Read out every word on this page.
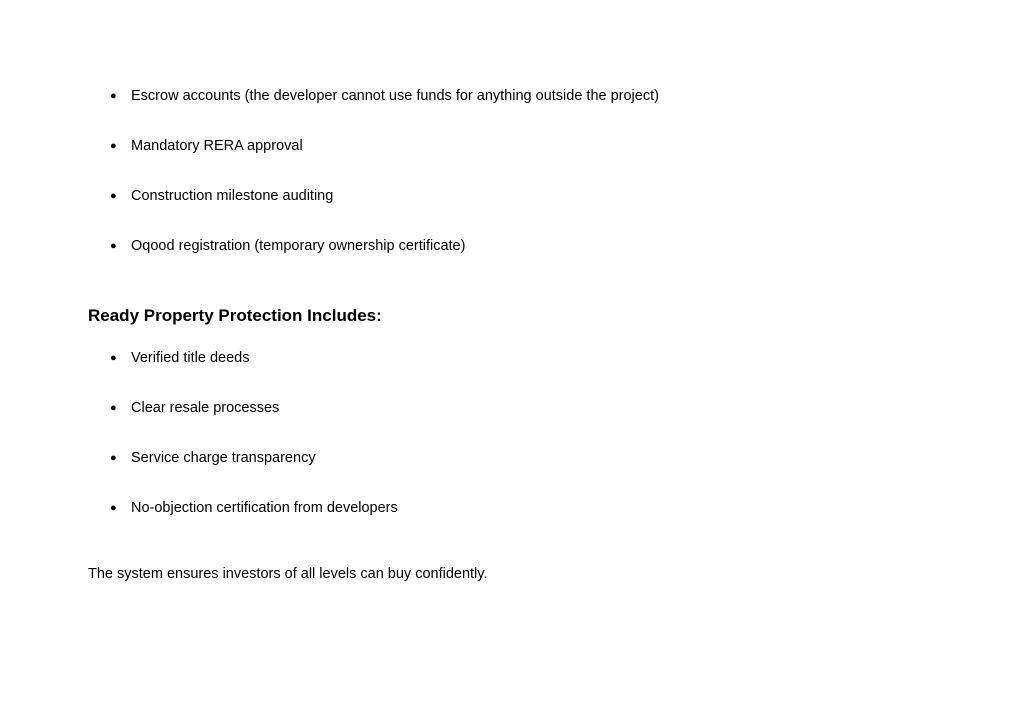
● Escrow accounts (the developer cannot use funds for anything outside the project)
● Mandatory RERA approval
● Construction milestone auditing
● Oqood registration (temporary ownership certificate)
Ready Property Protection Includes:
● Verified title deeds
● Clear resale processes
● Service charge transparency
● No-objection certification from developers

The system ensures investors of all levels can buy confidently.
